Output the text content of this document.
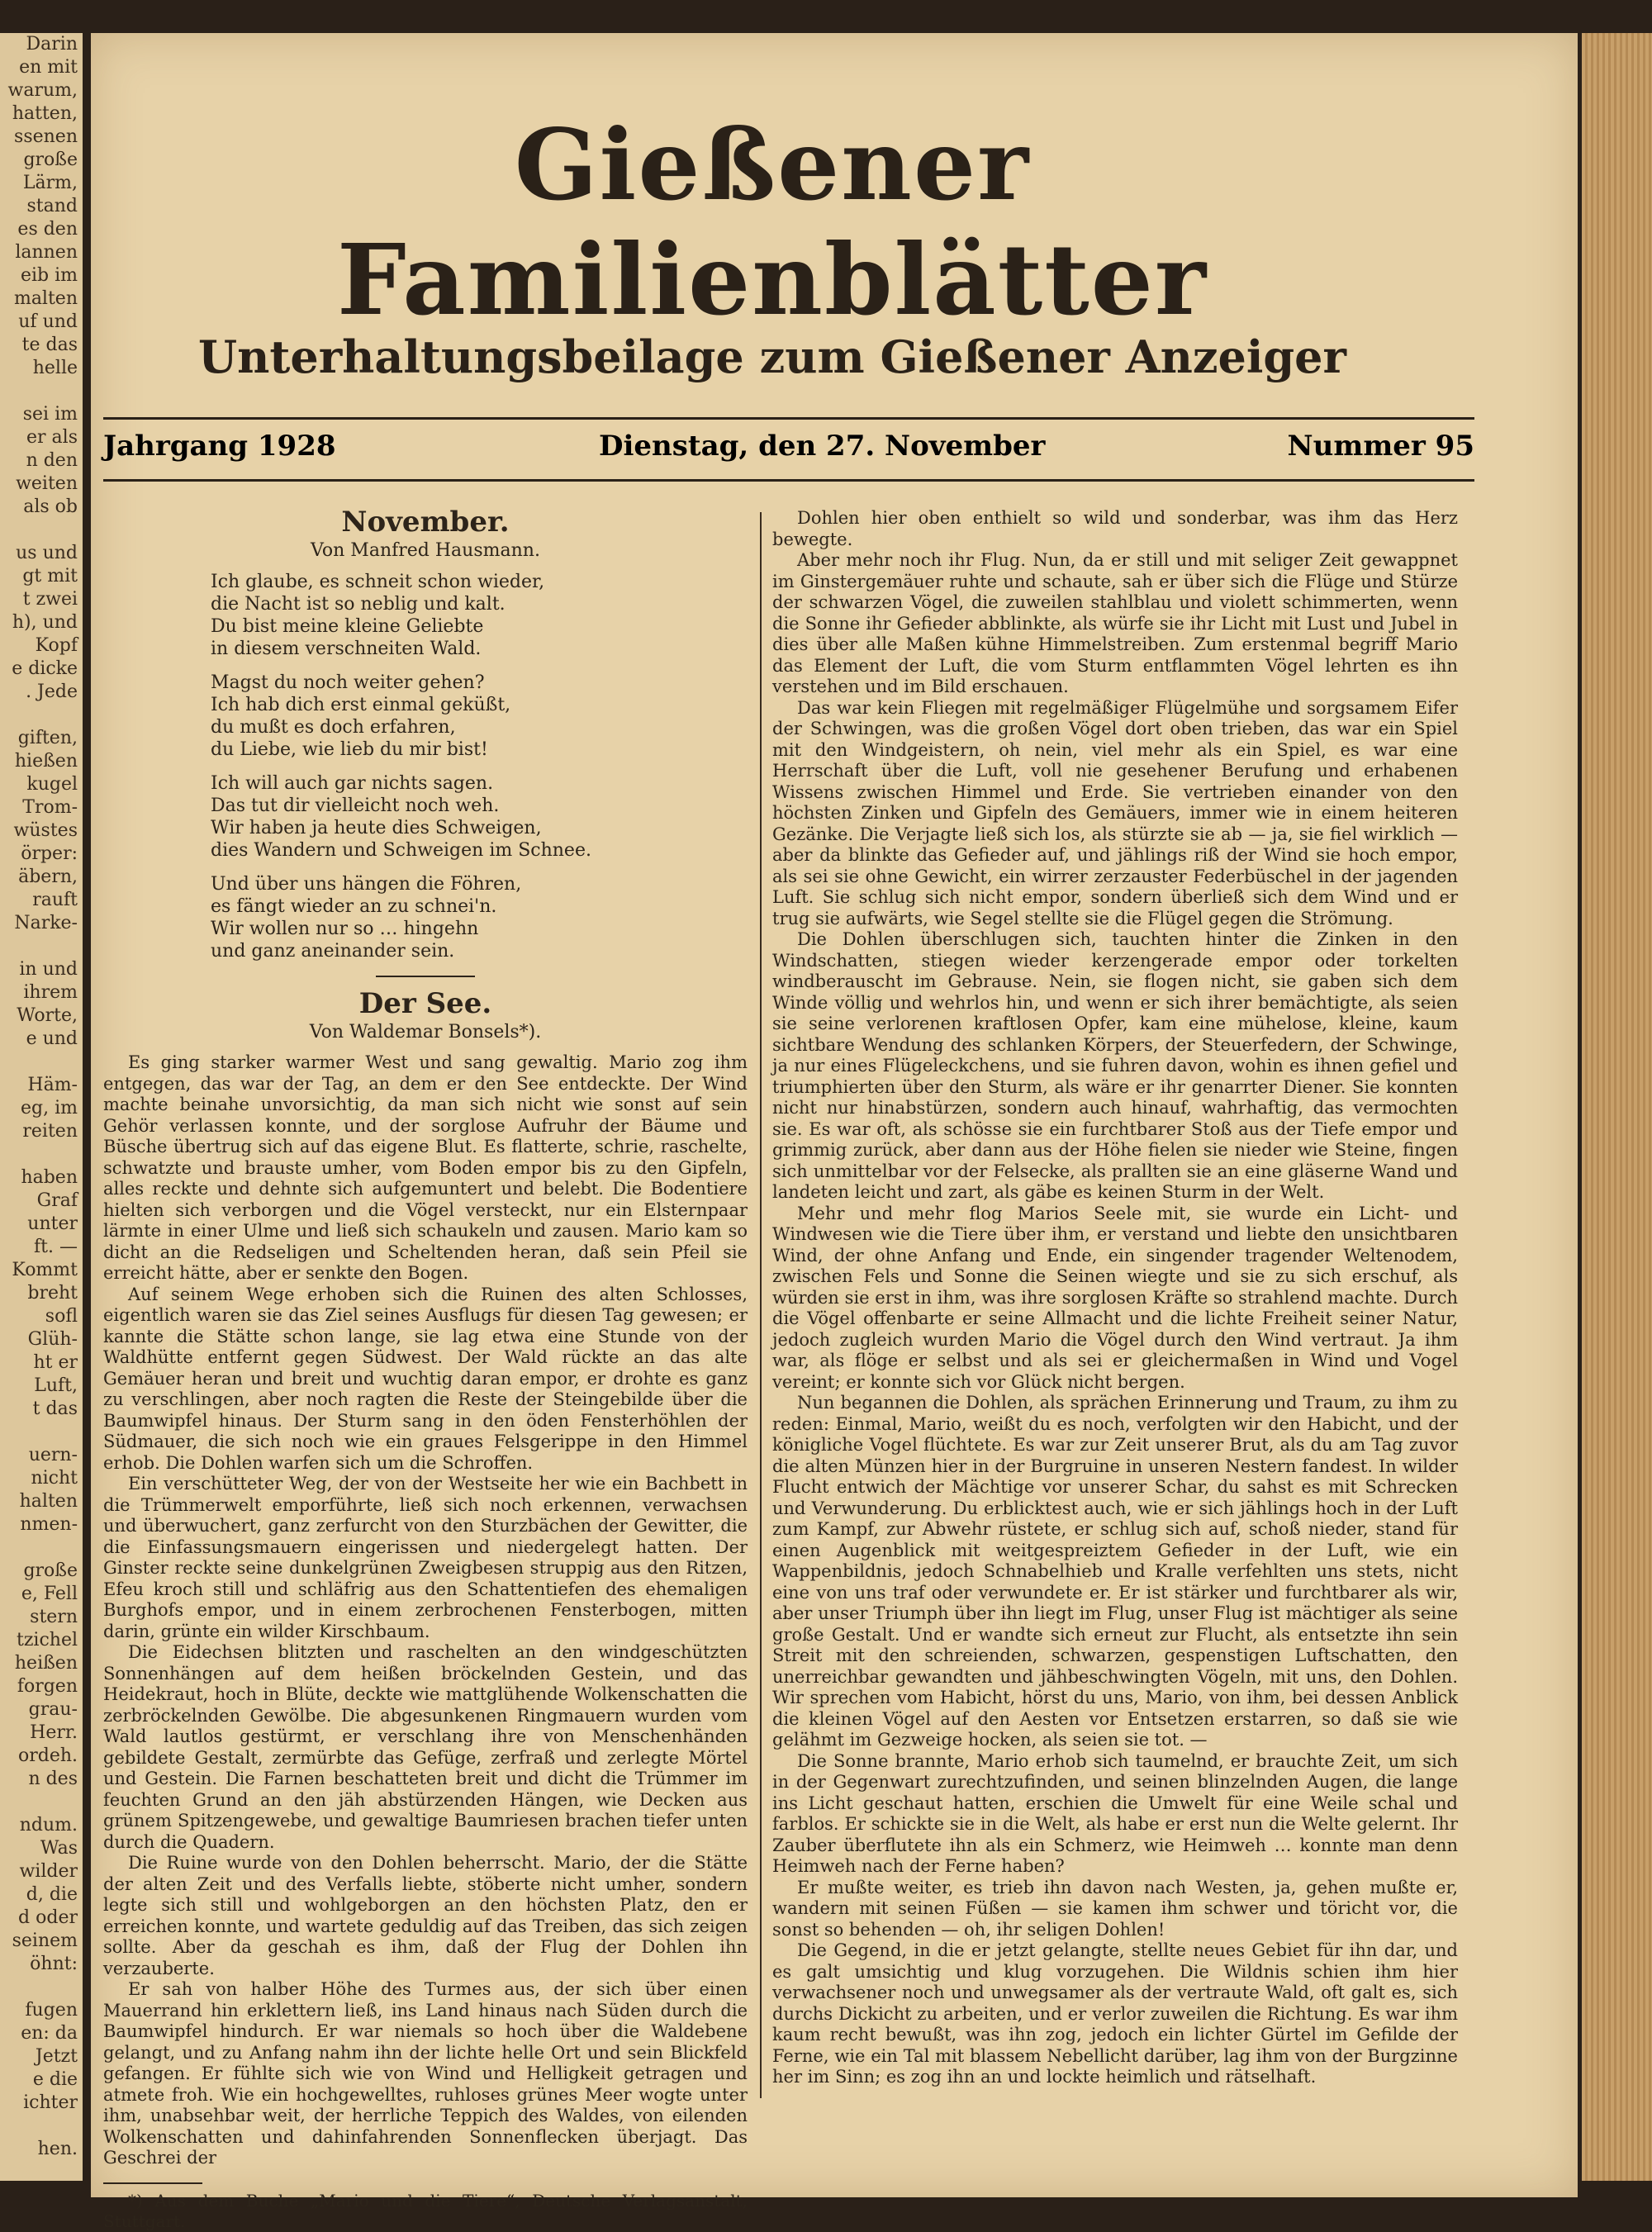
Darin
en mit
warum,
hatten,
ssenen
große
Lärm,
stand
es den
lannen
eib im
malten
uf und
te das
helle

sei im
er als
n den
weiten
als ob

us und
gt mit
t zwei
h), und
Kopf
e dicke
. Jede

giften,
hießen
kugel
Trom-
wüstes
örper:
äbern,
rauft
Narke-

in und
ihrem
Worte,
e und

Häm-
eg, im
reiten

haben
Graf
unter
ft. —
Kommt
breht
sofl
Glüh-
ht er
Luft,
t das

uern-
nicht
halten
nmen-

große
e, Fell
stern
tzichel
heißen
forgen
grau-
Herr.
ordeh.
n des

ndum.
Was
wilder
d, die
d oder
seinem
öhnt:

fugen
en: da
Jetzt
e die
ichter

hen.
Gießener Familienblätter
Unterhaltungsbeilage zum Gießener Anzeiger
Jahrgang 1928	Dienstag, den 27. November	Nummer 95
November.
Von Manfred Hausmann.
Ich glaube, es schneit schon wieder,
die Nacht ist so neblig und kalt.
Du bist meine kleine Geliebte
in diesem verschneiten Wald.
Magst du noch weiter gehen?
Ich hab dich erst einmal geküßt,
du mußt es doch erfahren,
du Liebe, wie lieb du mir bist!
Ich will auch gar nichts sagen.
Das tut dir vielleicht noch weh.
Wir haben ja heute dies Schweigen,
dies Wandern und Schweigen im Schnee.
Und über uns hängen die Föhren,
es fängt wieder an zu schnei'n.
Wir wollen nur so … hingehn
und ganz aneinander sein.
Der See.
Von Waldemar Bonsels*).

Es ging starker warmer West und sang gewaltig. Mario zog ihm entgegen, das war der Tag, an dem er den See entdeckte. Der Wind machte beinahe unvorsichtig, da man sich nicht wie sonst auf sein Gehör verlassen konnte, und der sorglose Aufruhr der Bäume und Büsche übertrug sich auf das eigene Blut. Es flatterte, schrie, raschelte, schwatzte und brauste umher, vom Boden empor bis zu den Gipfeln, alles reckte und dehnte sich aufgemuntert und belebt. Die Bodentiere hielten sich verborgen und die Vögel versteckt, nur ein Elsternpaar lärmte in einer Ulme und ließ sich schaukeln und zausen. Mario kam so dicht an die Redseligen und Scheltenden heran, daß sein Pfeil sie erreicht hätte, aber er senkte den Bogen.

Auf seinem Wege erhoben sich die Ruinen des alten Schlosses, eigentlich waren sie das Ziel seines Ausflugs für diesen Tag gewesen; er kannte die Stätte schon lange, sie lag etwa eine Stunde von der Waldhütte entfernt gegen Südwest. Der Wald rückte an das alte Gemäuer heran und breit und wuchtig daran empor, er drohte es ganz zu verschlingen, aber noch ragten die Reste der Steingebilde über die Baumwipfel hinaus. Der Sturm sang in den öden Fensterhöhlen der Südmauer, die sich noch wie ein graues Felsgerippe in den Himmel erhob. Die Dohlen warfen sich um die Schroffen.

Ein verschütteter Weg, der von der Westseite her wie ein Bachbett in die Trümmerwelt emporführte, ließ sich noch erkennen, verwachsen und überwuchert, ganz zerfurcht von den Sturzbächen der Gewitter, die die Einfassungsmauern eingerissen und niedergelegt hatten. Der Ginster reckte seine dunkelgrünen Zweigbesen struppig aus den Ritzen, Efeu kroch still und schläfrig aus den Schattentiefen des ehemaligen Burghofs empor, und in einem zerbrochenen Fensterbogen, mitten darin, grünte ein wilder Kirschbaum.

Die Eidechsen blitzten und raschelten an den windgeschützten Sonnenhängen auf dem heißen bröckelnden Gestein, und das Heidekraut, hoch in Blüte, deckte wie mattglühende Wolkenschatten die zerbröckelnden Gewölbe. Die abgesunkenen Ringmauern wurden vom Wald lautlos gestürmt, er verschlang ihre von Menschenhänden gebildete Gestalt, zermürbte das Gefüge, zerfraß und zerlegte Mörtel und Gestein. Die Farnen beschatteten breit und dicht die Trümmer im feuchten Grund an den jäh abstürzenden Hängen, wie Decken aus grünem Spitzengewebe, und gewaltige Baumriesen brachen tiefer unten durch die Quadern.

Die Ruine wurde von den Dohlen beherrscht. Mario, der die Stätte der alten Zeit und des Verfalls liebte, stöberte nicht umher, sondern legte sich still und wohlgeborgen an den höchsten Platz, den er erreichen konnte, und wartete geduldig auf das Treiben, das sich zeigen sollte. Aber da geschah es ihm, daß der Flug der Dohlen ihn verzauberte.

Er sah von halber Höhe des Turmes aus, der sich über einen Mauerrand hin erklettern ließ, ins Land hinaus nach Süden durch die Baumwipfel hindurch. Er war niemals so hoch über die Waldebene gelangt, und zu Anfang nahm ihn der lichte helle Ort und sein Blickfeld gefangen. Er fühlte sich wie von Wind und Helligkeit getragen und atmete froh. Wie ein hochgewelltes, ruhloses grünes Meer wogte unter ihm, unabsehbar weit, der herrliche Teppich des Waldes, von eilenden Wolkenschatten und dahinfahrenden Sonnenflecken überjagt. Das Geschrei der

*) Aus dem Buche „Mario und die Tiere“, Deutsche Verlagsanstalt, Stuttgart.

Dohlen hier oben enthielt so wild und sonderbar, was ihm das Herz bewegte.

Aber mehr noch ihr Flug. Nun, da er still und mit seliger Zeit gewappnet im Ginstergemäuer ruhte und schaute, sah er über sich die Flüge und Stürze der schwarzen Vögel, die zuweilen stahlblau und violett schimmerten, wenn die Sonne ihr Gefieder abblinkte, als würfe sie ihr Licht mit Lust und Jubel in dies über alle Maßen kühne Himmelstreiben. Zum erstenmal begriff Mario das Element der Luft, die vom Sturm entflammten Vögel lehrten es ihn verstehen und im Bild erschauen.

Das war kein Fliegen mit regelmäßiger Flügelmühe und sorgsamem Eifer der Schwingen, was die großen Vögel dort oben trieben, das war ein Spiel mit den Windgeistern, oh nein, viel mehr als ein Spiel, es war eine Herrschaft über die Luft, voll nie gesehener Berufung und erhabenen Wissens zwischen Himmel und Erde. Sie vertrieben einander von den höchsten Zinken und Gipfeln des Gemäuers, immer wie in einem heiteren Gezänke. Die Verjagte ließ sich los, als stürzte sie ab — ja, sie fiel wirklich — aber da blinkte das Gefieder auf, und jählings riß der Wind sie hoch empor, als sei sie ohne Gewicht, ein wirrer zerzauster Federbüschel in der jagenden Luft. Sie schlug sich nicht empor, sondern überließ sich dem Wind und er trug sie aufwärts, wie Segel stellte sie die Flügel gegen die Strömung.

Die Dohlen überschlugen sich, tauchten hinter die Zinken in den Windschatten, stiegen wieder kerzengerade empor oder torkelten windberauscht im Gebrause. Nein, sie flogen nicht, sie gaben sich dem Winde völlig und wehrlos hin, und wenn er sich ihrer bemächtigte, als seien sie seine verlorenen kraftlosen Opfer, kam eine mühelose, kleine, kaum sichtbare Wendung des schlanken Körpers, der Steuerfedern, der Schwinge, ja nur eines Flügeleckchens, und sie fuhren davon, wohin es ihnen gefiel und triumphierten über den Sturm, als wäre er ihr genarrter Diener. Sie konnten nicht nur hinabstürzen, sondern auch hinauf, wahrhaftig, das vermochten sie. Es war oft, als schösse sie ein furchtbarer Stoß aus der Tiefe empor und grimmig zurück, aber dann aus der Höhe fielen sie nieder wie Steine, fingen sich unmittelbar vor der Felsecke, als prallten sie an eine gläserne Wand und landeten leicht und zart, als gäbe es keinen Sturm in der Welt.

Mehr und mehr flog Marios Seele mit, sie wurde ein Licht- und Windwesen wie die Tiere über ihm, er verstand und liebte den unsichtbaren Wind, der ohne Anfang und Ende, ein singender tragender Weltenodem, zwischen Fels und Sonne die Seinen wiegte und sie zu sich erschuf, als würden sie erst in ihm, was ihre sorglosen Kräfte so strahlend machte. Durch die Vögel offenbarte er seine Allmacht und die lichte Freiheit seiner Natur, jedoch zugleich wurden Mario die Vögel durch den Wind vertraut. Ja ihm war, als flöge er selbst und als sei er gleichermaßen in Wind und Vogel vereint; er konnte sich vor Glück nicht bergen.

Nun begannen die Dohlen, als sprächen Erinnerung und Traum, zu ihm zu reden: Einmal, Mario, weißt du es noch, verfolgten wir den Habicht, und der königliche Vogel flüchtete. Es war zur Zeit unserer Brut, als du am Tag zuvor die alten Münzen hier in der Burgruine in unseren Nestern fandest. In wilder Flucht entwich der Mächtige vor unserer Schar, du sahst es mit Schrecken und Verwunderung. Du erblicktest auch, wie er sich jählings hoch in der Luft zum Kampf, zur Abwehr rüstete, er schlug sich auf, schoß nieder, stand für einen Augenblick mit weitgespreiztem Gefieder in der Luft, wie ein Wappenbildnis, jedoch Schnabelhieb und Kralle verfehlten uns stets, nicht eine von uns traf oder verwundete er. Er ist stärker und furchtbarer als wir, aber unser Triumph über ihn liegt im Flug, unser Flug ist mächtiger als seine große Gestalt. Und er wandte sich erneut zur Flucht, als entsetzte ihn sein Streit mit den schreienden, schwarzen, gespenstigen Luftschatten, den unerreichbar gewandten und jähbeschwingten Vögeln, mit uns, den Dohlen. Wir sprechen vom Habicht, hörst du uns, Mario, von ihm, bei dessen Anblick die kleinen Vögel auf den Aesten vor Entsetzen erstarren, so daß sie wie gelähmt im Gezweige hocken, als seien sie tot. —

Die Sonne brannte, Mario erhob sich taumelnd, er brauchte Zeit, um sich in der Gegenwart zurechtzufinden, und seinen blinzelnden Augen, die lange ins Licht geschaut hatten, erschien die Umwelt für eine Weile schal und farblos. Er schickte sie in die Welt, als habe er erst nun die Welte gelernt. Ihr Zauber überflutete ihn als ein Schmerz, wie Heimweh … konnte man denn Heimweh nach der Ferne haben?

Er mußte weiter, es trieb ihn davon nach Westen, ja, gehen mußte er, wandern mit seinen Füßen — sie kamen ihm schwer und töricht vor, die sonst so behenden — oh, ihr seligen Dohlen!

Die Gegend, in die er jetzt gelangte, stellte neues Gebiet für ihn dar, und es galt umsichtig und klug vorzugehen. Die Wildnis schien ihm hier verwachsener noch und unwegsamer als der vertraute Wald, oft galt es, sich durchs Dickicht zu arbeiten, und er verlor zuweilen die Richtung. Es war ihm kaum recht bewußt, was ihn zog, jedoch ein lichter Gürtel im Gefilde der Ferne, wie ein Tal mit blassem Nebellicht darüber, lag ihm von der Burgzinne her im Sinn; es zog ihn an und lockte heimlich und rätselhaft.
